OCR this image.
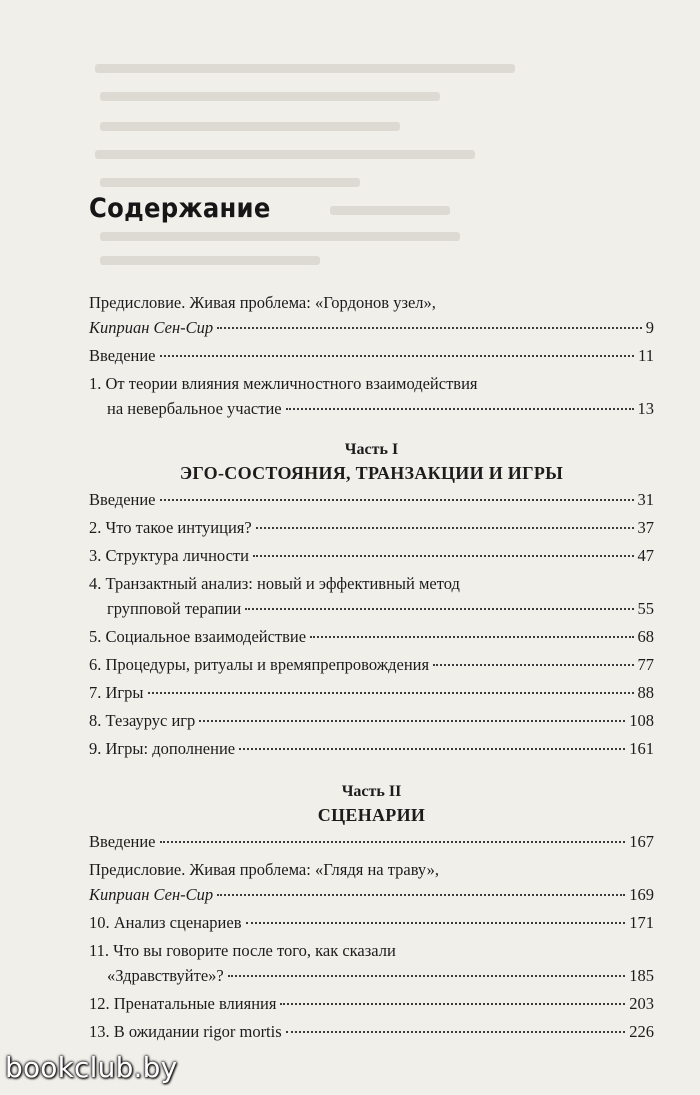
Содержание
Предисловие. Живая проблема: «Гордонов узел»,
Киприан Сен-Сир	9
Введение	11
1. От теории влияния межличностного взаимодействия
на невербальное участие	13
Часть I
ЭГО-СОСТОЯНИЯ, ТРАНЗАКЦИИ И ИГРЫ
Введение	31
2. Что такое интуиция?	37
3. Структура личности	47
4. Транзактный анализ: новый и эффективный метод
групповой терапии	55
5. Социальное взаимодействие	68
6. Процедуры, ритуалы и времяпрепровождения	77
7. Игры	88
8. Тезаурус игр	108
9. Игры: дополнение	161
Часть II
СЦЕНАРИИ
Введение	167
Предисловие. Живая проблема: «Глядя на траву»,
Киприан Сен-Сир	169
10. Анализ сценариев	171
11. Что вы говорите после того, как сказали
«Здравствуйте»?	185
12. Пренатальные влияния	203
13. В ожидании rigor mortis	226
bookclub.by
